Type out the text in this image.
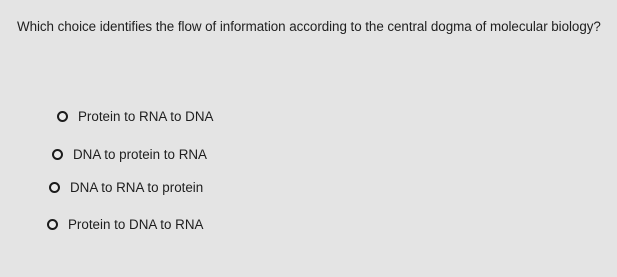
Which choice identifies the flow of information according to the central dogma of molecular biology?

Protein to RNA to DNA
DNA to protein to RNA
DNA to RNA to protein
Protein to DNA to RNA
